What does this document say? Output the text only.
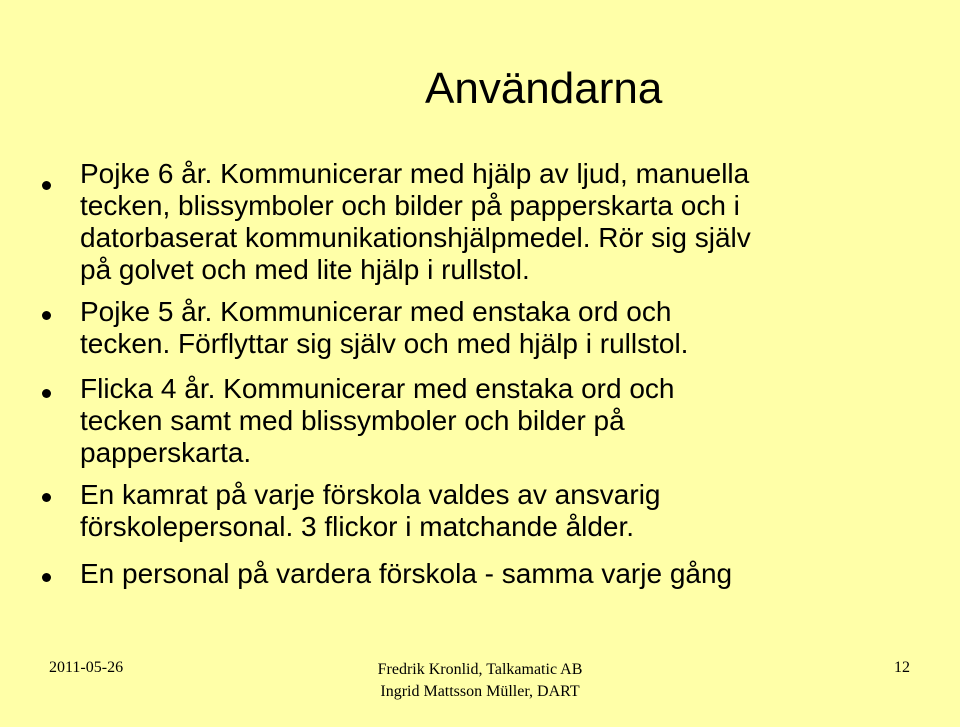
Användarna
Pojke 6 år. Kommunicerar med hjälp av ljud, manuella
tecken, blissymboler och bilder på papperskarta och i
datorbaserat kommunikationshjälpmedel. Rör sig själv
på golvet och med lite hjälp i rullstol.
Pojke 5 år. Kommunicerar med enstaka ord och
tecken. Förflyttar sig själv och med hjälp i rullstol.
Flicka 4 år. Kommunicerar med enstaka ord och
tecken samt med blissymboler och bilder på
papperskarta.
En kamrat på varje förskola valdes av ansvarig
förskolepersonal. 3 flickor i matchande ålder.
En personal på vardera förskola - samma varje gång
2011-05-26	Fredrik Kronlid, Talkamatic AB
Ingrid Mattsson Müller, DART
12
